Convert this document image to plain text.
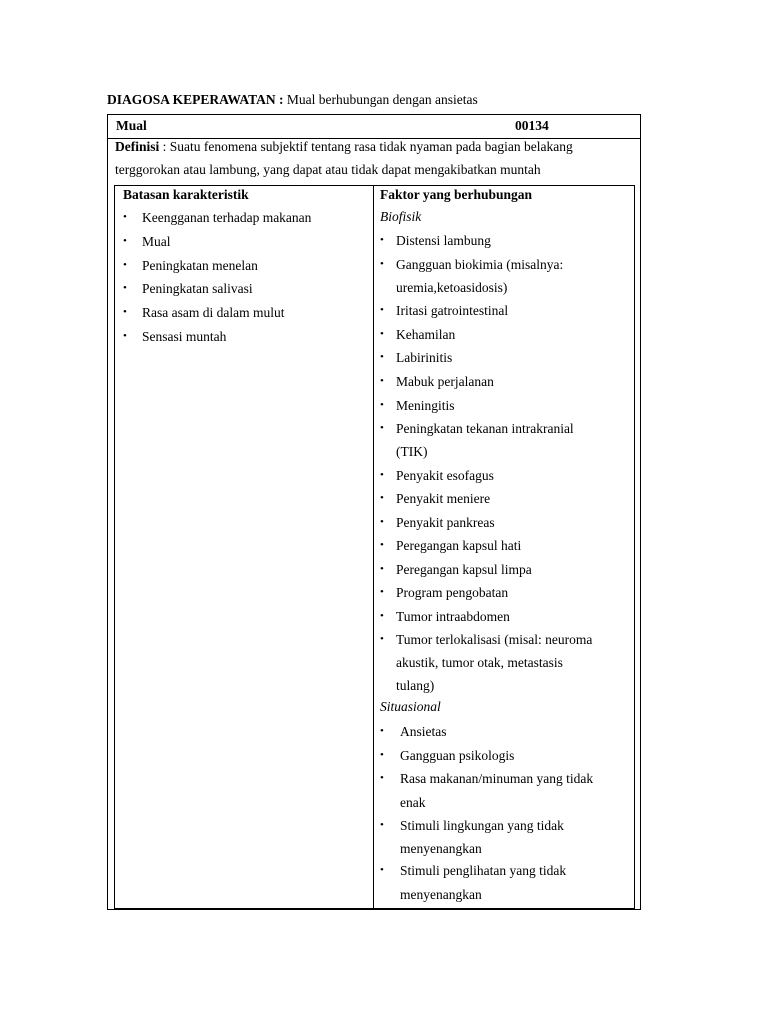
DIAGOSA KEPERAWATAN : Mual berhubungan dengan ansietas
Mual	00134
Definisi : Suatu fenomena subjektif tentang rasa tidak nyaman pada bagian belakang
terggorokan atau lambung, yang dapat atau tidak dapat mengakibatkan muntah
Batasan karakteristik
• Keengganan terhadap makanan
• Mual
• Peningkatan menelan
• Peningkatan salivasi
• Rasa asam di dalam mulut
• Sensasi muntah
Faktor yang berhubungan
Biofisik
• Distensi lambung
• Gangguan biokimia (misalnya:
uremia,ketoasidosis)
• Iritasi gatrointestinal
• Kehamilan
• Labirinitis
• Mabuk perjalanan
• Meningitis
• Peningkatan tekanan intrakranial
(TIK)
• Penyakit esofagus
• Penyakit meniere
• Penyakit pankreas
• Peregangan kapsul hati
• Peregangan kapsul limpa
• Program pengobatan
• Tumor intraabdomen
• Tumor terlokalisasi (misal: neuroma
akustik, tumor otak, metastasis
tulang)
Situasional
• Ansietas
• Gangguan psikologis
• Rasa makanan/minuman yang tidak
enak
• Stimuli lingkungan yang tidak
menyenangkan
• Stimuli penglihatan yang tidak
menyenangkan
